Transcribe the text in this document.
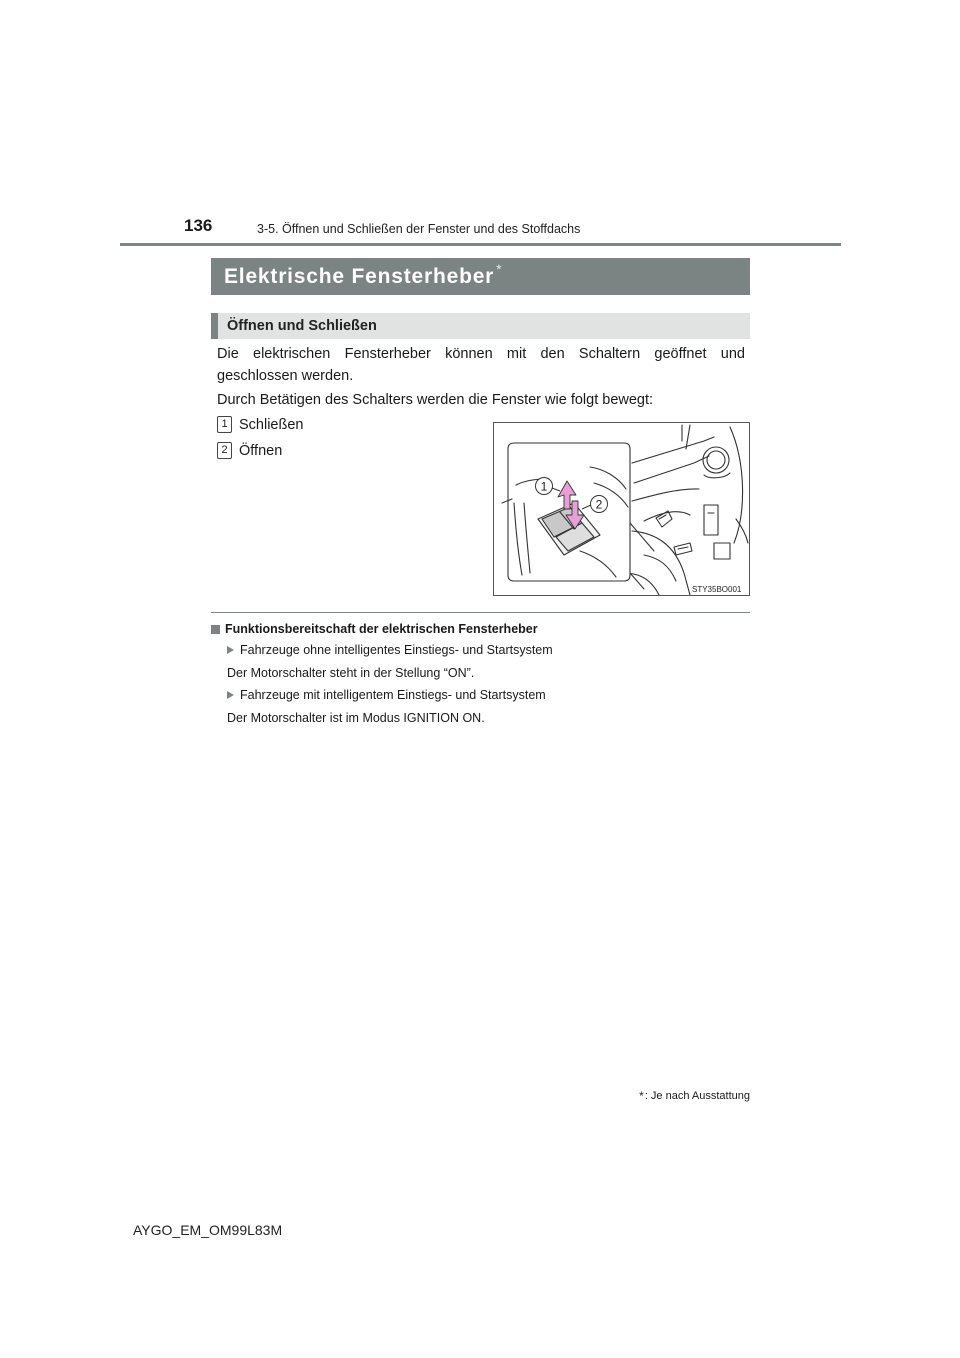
136	3-5. Öffnen und Schließen der Fenster und des Stoffdachs
Elektrische Fensterheber *
Öffnen und Schließen
Die elektrischen Fensterheber können mit den Schaltern geöffnet und geschlossen werden.
Durch Betätigen des Schalters werden die Fenster wie folgt bewegt:
1 Schließen
2 Öffnen
1
2
STY35BO001
Funktionsbereitschaft der elektrischen Fensterheber
Fahrzeuge ohne intelligentes Einstiegs- und Startsystem
Der Motorschalter steht in der Stellung “ON”.
Fahrzeuge mit intelligentem Einstiegs- und Startsystem
Der Motorschalter ist im Modus IGNITION ON.
* : Je nach Ausstattung
AYGO_EM_OM99L83M
